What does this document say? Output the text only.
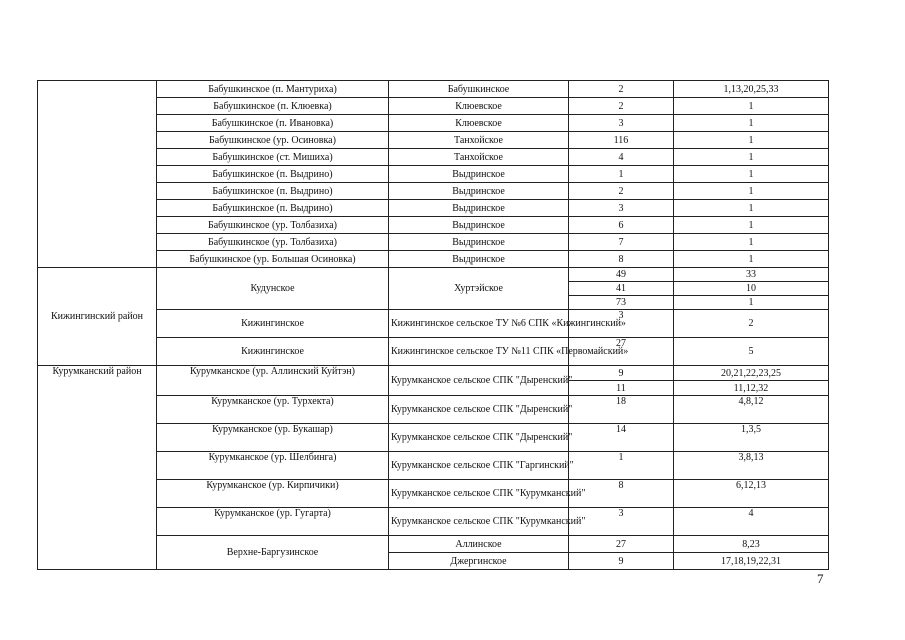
	Бабушкинское (п. Мантуриха)	Бабушкинское	2	1,13,20,25,33
	Бабушкинское (п. Клюевка)	Клюевское	2	1
	Бабушкинское (п. Ивановка)	Клюевское	3	1
	Бабушкинское (ур. Осиновка)	Танхойское	116	1
	Бабушкинское (ст. Мишиха)	Танхойское	4	1
	Бабушкинское (п. Выдрино)	Выдринское	1	1
	Бабушкинское (п. Выдрино)	Выдринское	2	1
	Бабушкинское (п. Выдрино)	Выдринское	3	1
	Бабушкинское (ур. Толбазиха)	Выдринское	6	1
	Бабушкинское (ур. Толбазиха)	Выдринское	7	1
	Бабушкинское (ур. Большая Осиновка)	Выдринское	8	1
Кижингинский район	Кудунское	Хуртэйское	49	33
			41	10
			73	1
	Кижингинское	Кижингинское сельское ТУ №6 СПК «Кижингинский»	3	2
	Кижингинское	Кижингинское сельское ТУ №11 СПК «Первомайский»	27	5
Курумканский район	Курумканское (ур. Аллинский Куйтэн)	Курумканское сельское СПК "Дыренский"	9	20,21,22,23,25
			11	11,12,32
	Курумканское (ур. Турхекта)	Курумканское сельское СПК "Дыренский"	18	4,8,12
	Курумканское (ур. Букашар)	Курумканское сельское СПК "Дыренский"	14	1,3,5
	Курумканское (ур. Шелбинга)	Курумканское сельское СПК "Гаргинский"	1	3,8,13
	Курумканское (ур. Кирпичики)	Курумканское сельское СПК "Курумканский"	8	6,12,13
	Курумканское (ур. Гугарта)	Курумканское сельское СПК "Курумканский"	3	4
	Верхне-Баргузинское	Аллинское	27	8,23
		Джергинское	9	17,18,19,22,31
7
